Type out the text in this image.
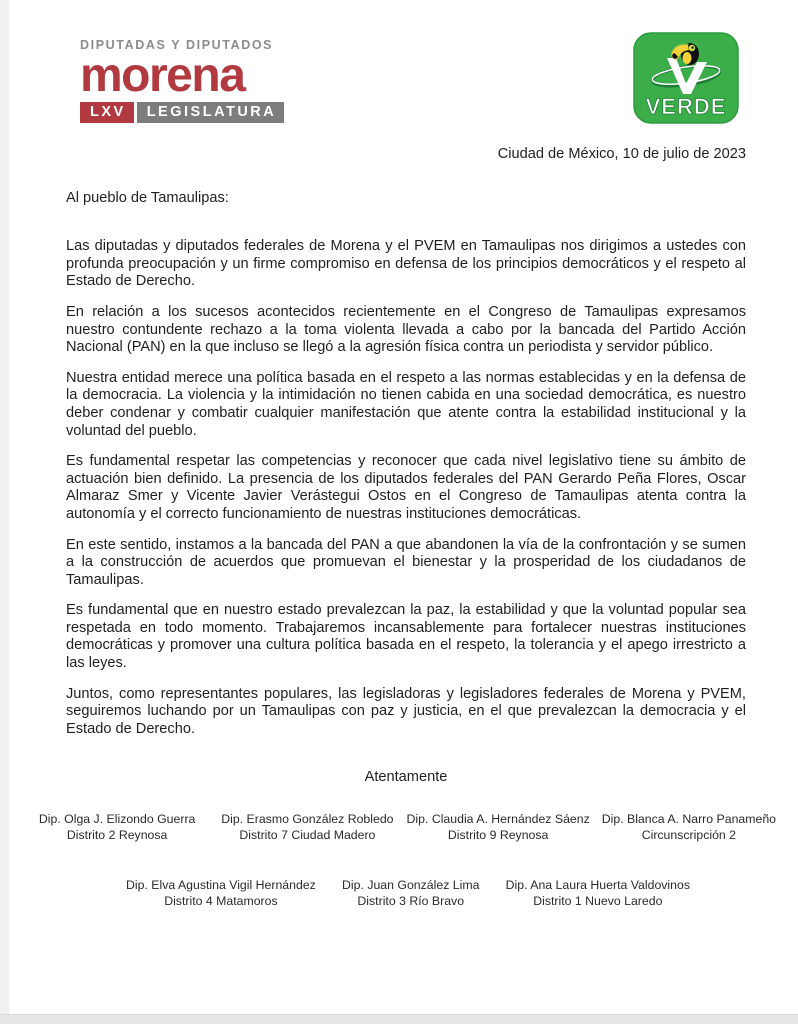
DIPUTADAS Y DIPUTADOS
morena
LXV	LEGISLATURA	VERDE

Ciudad de México, 10 de julio de 2023

Al pueblo de Tamaulipas:

Las diputadas y diputados federales de Morena y el PVEM en Tamaulipas nos dirigimos a ustedes con profunda preocupación y un firme compromiso en defensa de los principios democráticos y el respeto al Estado de Derecho.

En relación a los sucesos acontecidos recientemente en el Congreso de Tamaulipas expresamos nuestro contundente rechazo a la toma violenta llevada a cabo por la bancada del Partido Acción Nacional (PAN) en la que incluso se llegó a la agresión física contra un periodista y servidor público.

Nuestra entidad merece una política basada en el respeto a las normas establecidas y en la defensa de la democracia. La violencia y la intimidación no tienen cabida en una sociedad democrática, es nuestro deber condenar y combatir cualquier manifestación que atente contra la estabilidad institucional y la voluntad del pueblo.

Es fundamental respetar las competencias y reconocer que cada nivel legislativo tiene su ámbito de actuación bien definido. La presencia de los diputados federales del PAN Gerardo Peña Flores, Oscar Almaraz Smer y Vicente Javier Verástegui Ostos en el Congreso de Tamaulipas atenta contra la autonomía y el correcto funcionamiento de nuestras instituciones democráticas.

En este sentido, instamos a la bancada del PAN a que abandonen la vía de la confrontación y se sumen a la construcción de acuerdos que promuevan el bienestar y la prosperidad de los ciudadanos de Tamaulipas.

Es fundamental que en nuestro estado prevalezcan la paz, la estabilidad y que la voluntad popular sea respetada en todo momento. Trabajaremos incansablemente para fortalecer nuestras instituciones democráticas y promover una cultura política basada en el respeto, la tolerancia y el apego irrestricto a las leyes.

Juntos, como representantes populares, las legisladoras y legisladores federales de Morena y PVEM, seguiremos luchando por un Tamaulipas con paz y justicia, en el que prevalezcan la democracia y el Estado de Derecho.

Atentamente

Dip. Olga J. Elizondo Guerra
Distrito 2 Reynosa
Dip. Erasmo González Robledo
Distrito 7 Ciudad Madero
Dip. Claudia A. Hernández Sáenz
Distrito 9 Reynosa
Dip. Blanca A. Narro Panameño
Circunscripción 2
Dip. Elva Agustina Vigil Hernández
Distrito 4 Matamoros
Dip. Juan González Lima
Distrito 3 Río Bravo
Dip. Ana Laura Huerta Valdovinos
Distrito 1 Nuevo Laredo
